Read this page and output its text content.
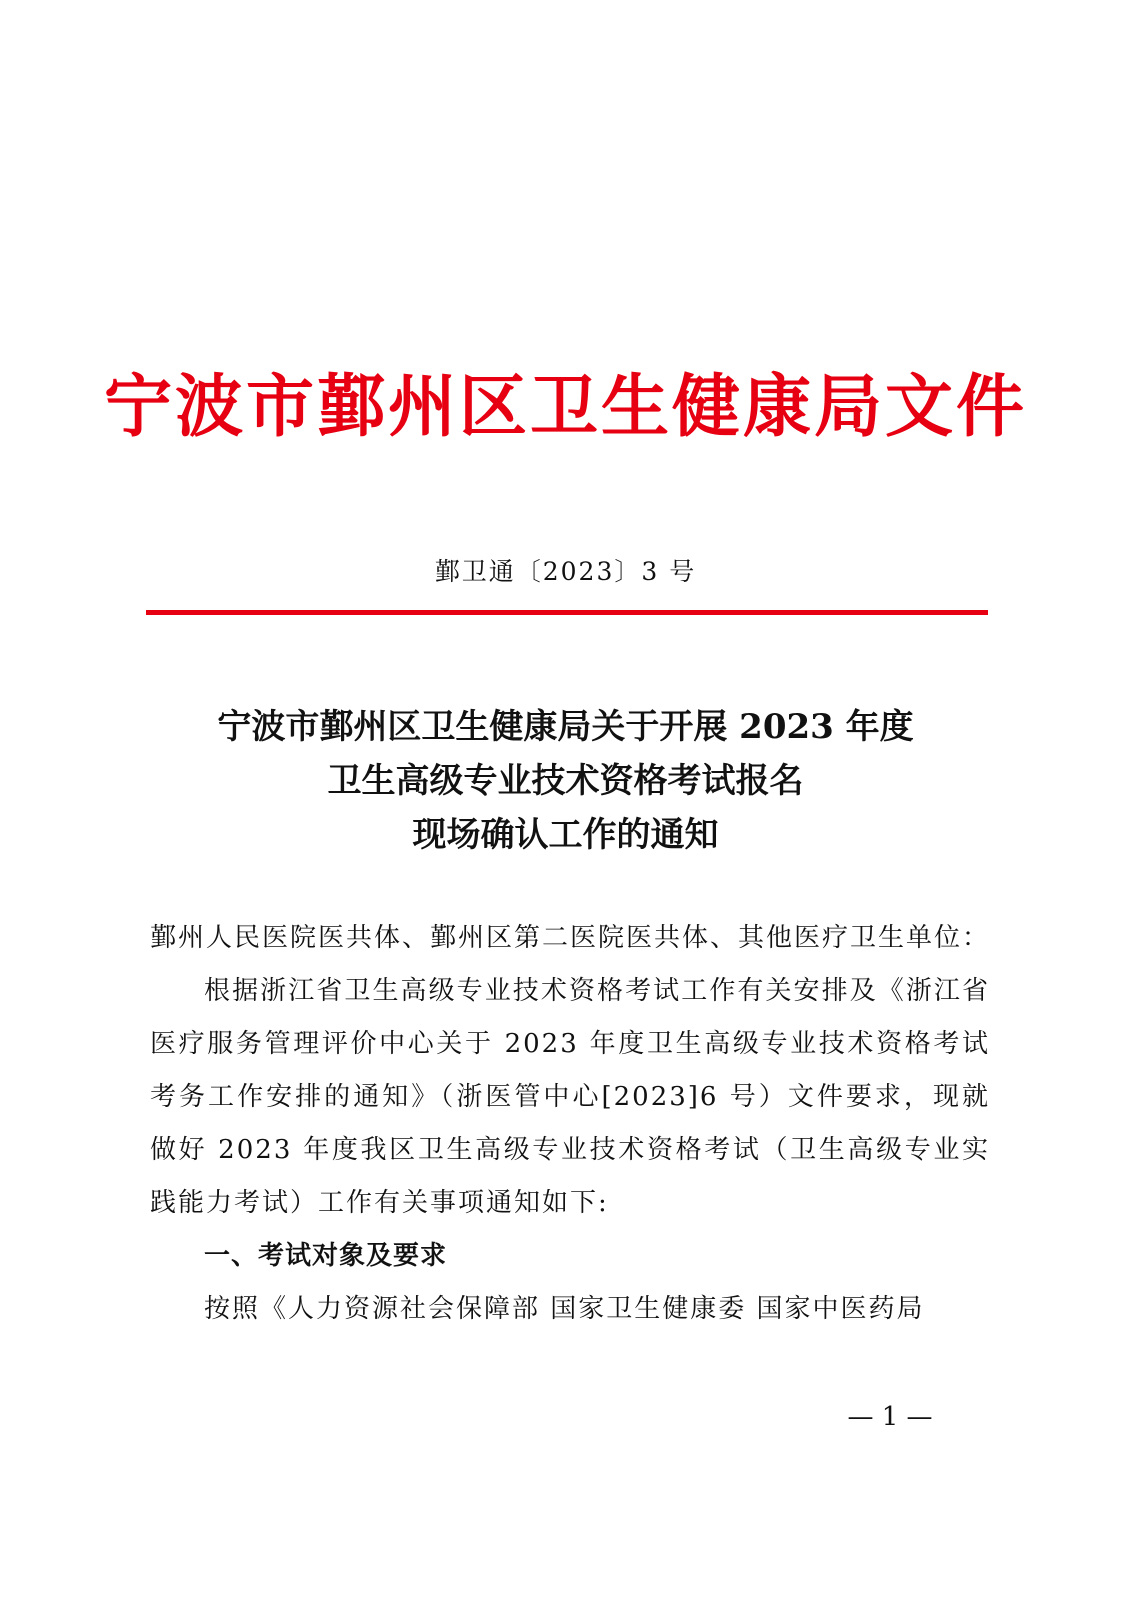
宁波市鄞州区卫生健康局文件
鄞卫通〔2023〕3 号
宁波市鄞州区卫生健康局关于开展 2023 年度
卫生高级专业技术资格考试报名
现场确认工作的通知

鄞州人民医院医共体、鄞州区第二医院医共体、其他医疗卫生单位：

根据浙江省卫生高级专业技术资格考试工作有关安排及《浙江省医疗服务管理评价中心关于 2023 年度卫生高级专业技术资格考试考务工作安排的通知》（浙医管中心[2023]6 号）文件要求，现就做好 2023 年度我区卫生高级专业技术资格考试（卫生高级专业实践能力考试）工作有关事项通知如下:

一、考试对象及要求

按照《人力资源社会保障部 国家卫生健康委 国家中医药局

— 1 —
